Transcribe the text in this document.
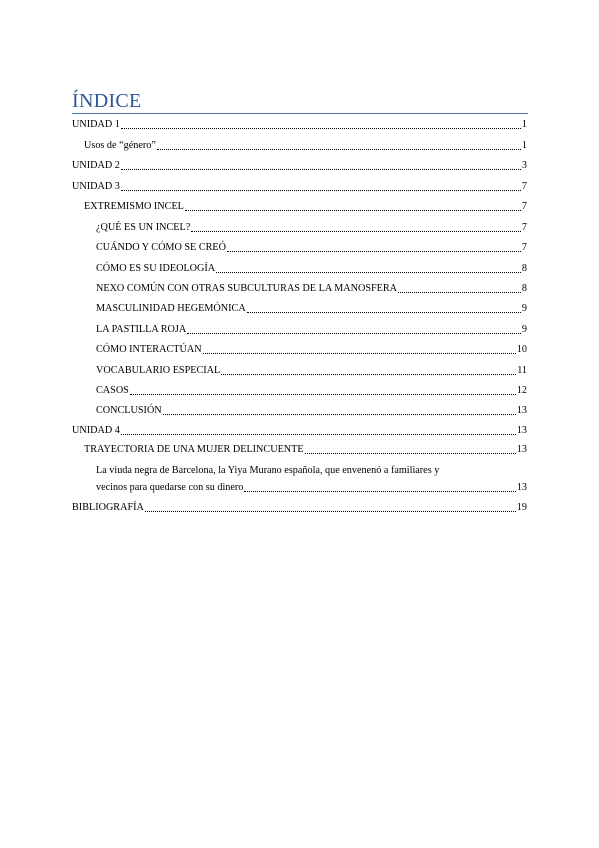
ÍNDICE
UNIDAD 1	1
Usos de “género”	1
UNIDAD 2	3
UNIDAD 3	7
EXTREMISMO INCEL	7
¿QUÉ ES UN INCEL?	7
CUÁNDO Y CÓMO SE CREÓ	7
CÓMO ES SU IDEOLOGÍA	8
NEXO COMÚN CON OTRAS SUBCULTURAS DE LA MANOSFERA	8
MASCULINIDAD HEGEMÓNICA	9
LA PASTILLA ROJA	9
CÓMO INTERACTÚAN	10
VOCABULARIO ESPECIAL	11
CASOS	12
CONCLUSIÓN	13
UNIDAD 4	13
TRAYECTORIA DE UNA MUJER DELINCUENTE	13
La viuda negra de Barcelona, la Yiya Murano española, que envenenó a familiares y
vecinos para quedarse con su dinero	13
BIBLIOGRAFÍA	19
